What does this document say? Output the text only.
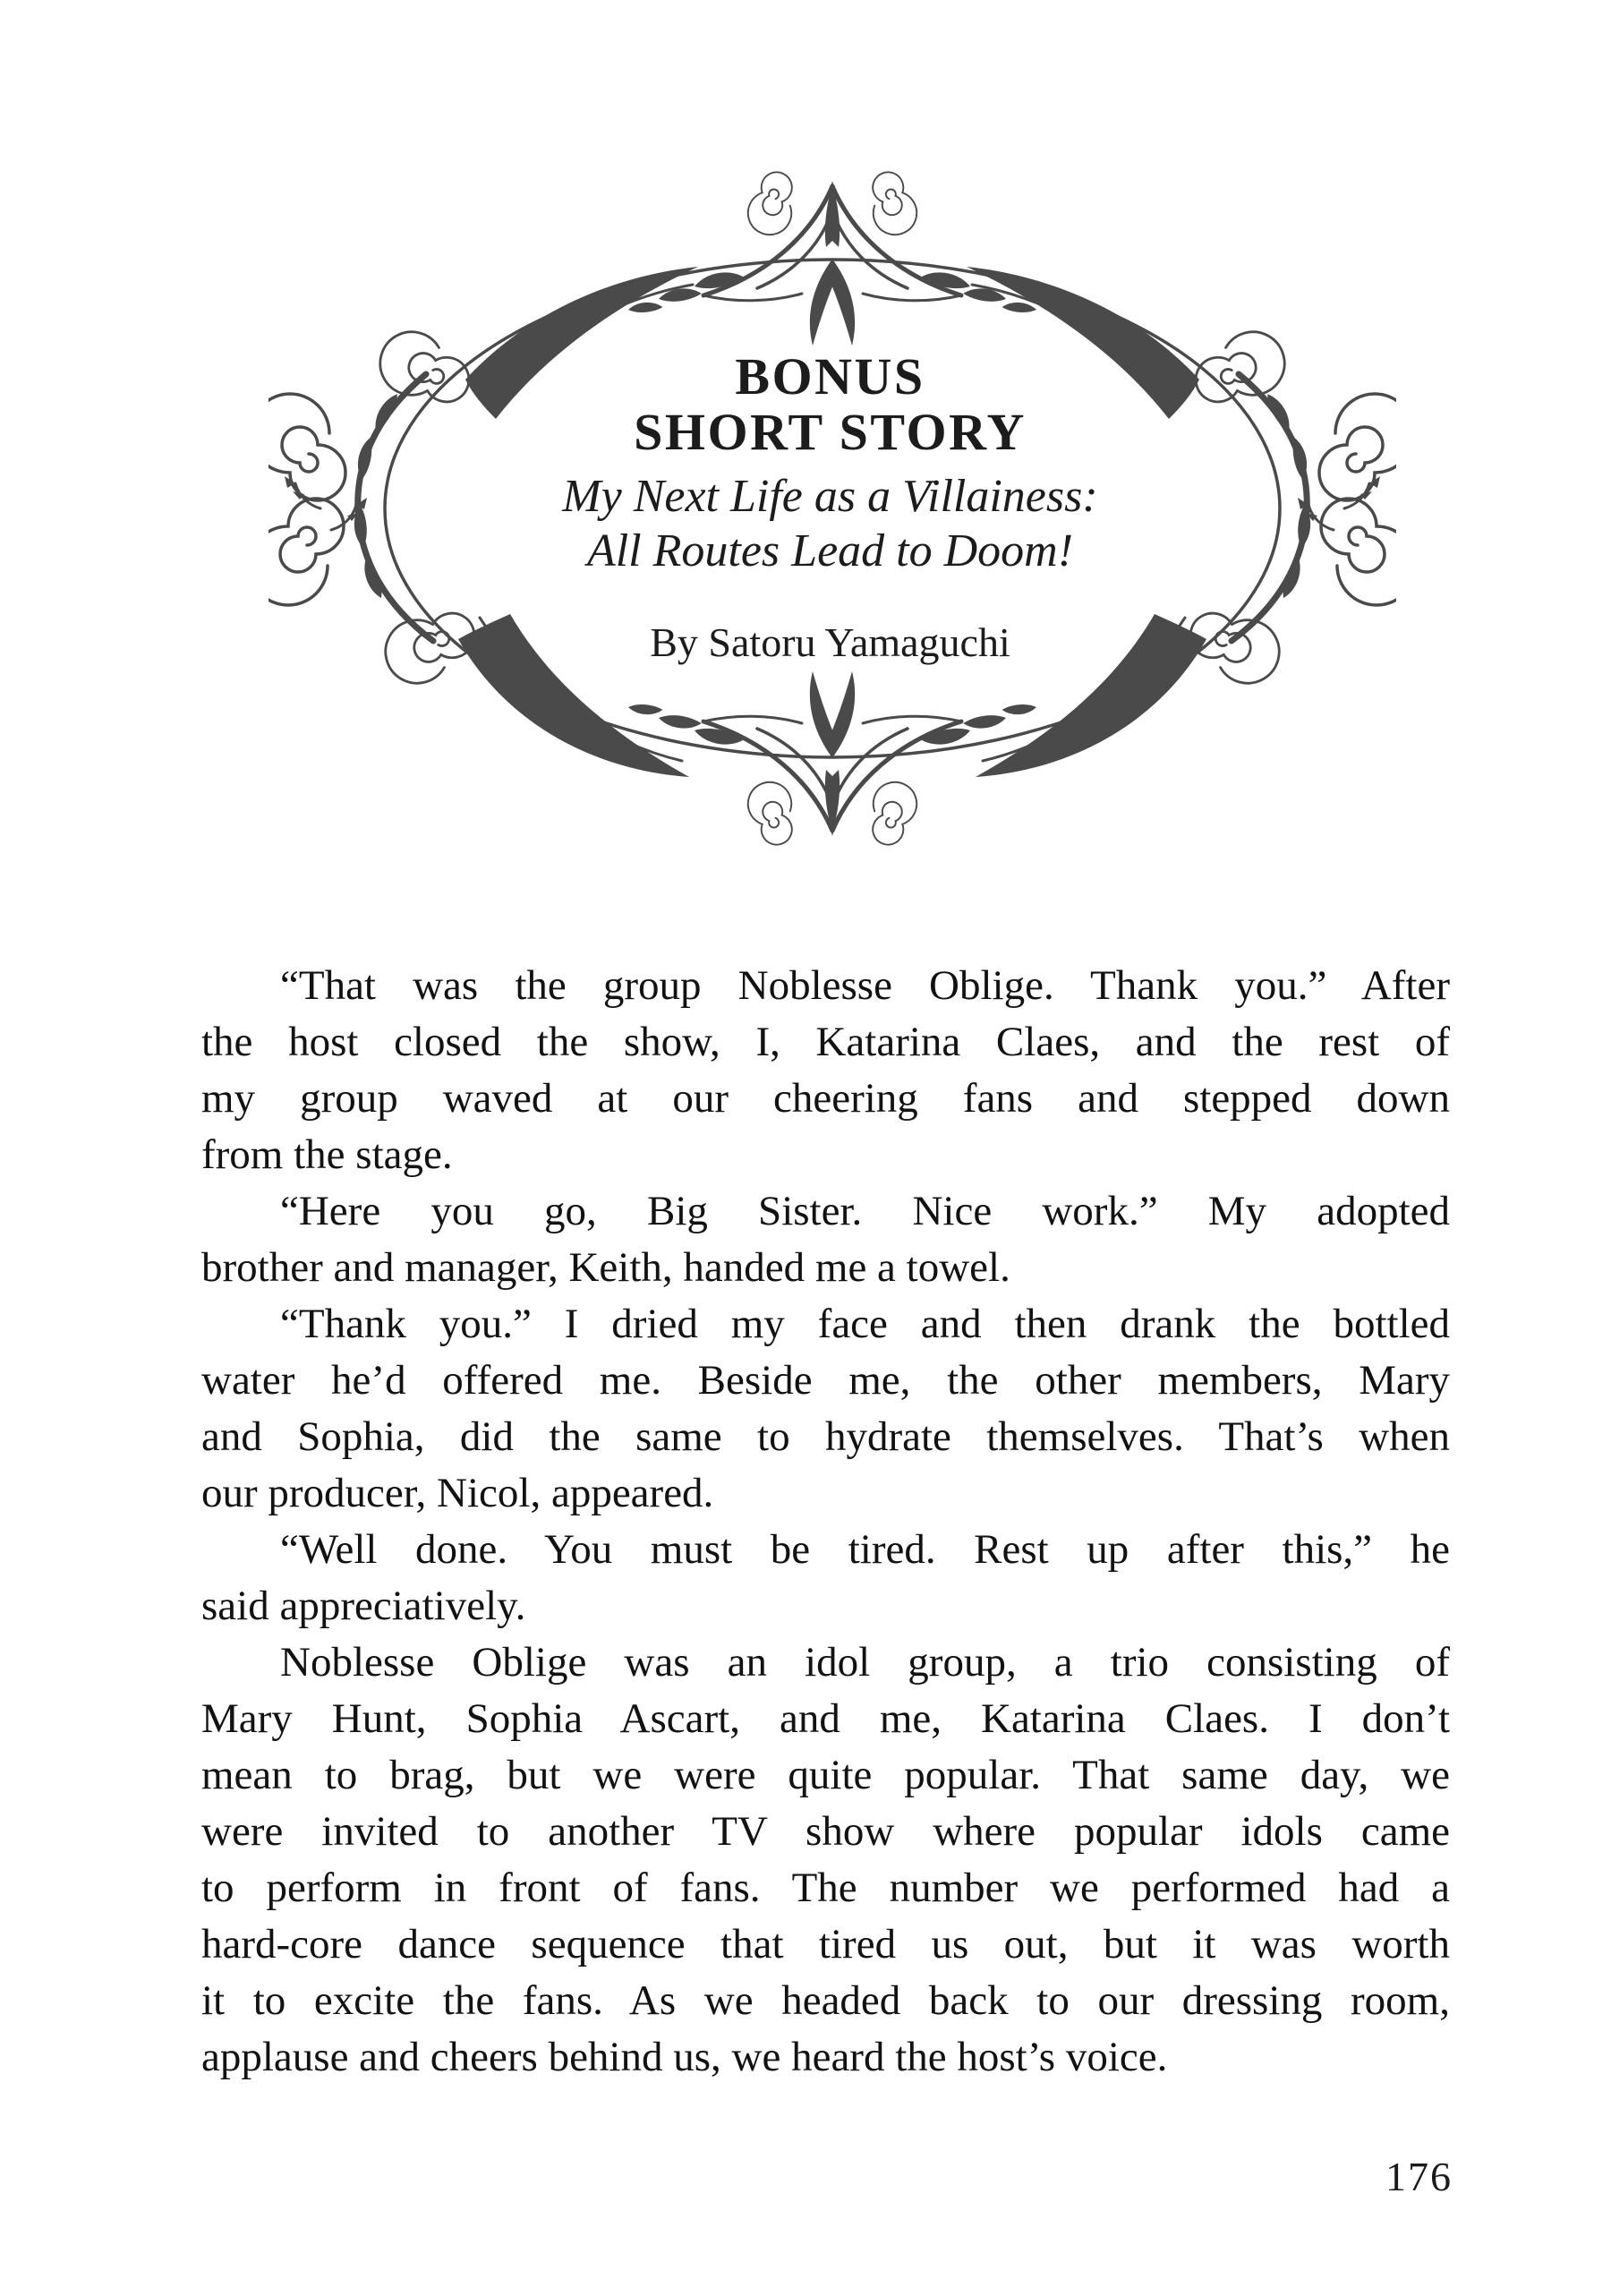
BONUS
SHORT STORY
My Next Life as a Villainess:
All Routes Lead to Doom!
By Satoru Yamaguchi
“That was the group Noblesse Oblige. Thank you.” After
the host closed the show, I, Katarina Claes, and the rest of
my group waved at our cheering fans and stepped down
from the stage.
“Here you go, Big Sister. Nice work.” My adopted
brother and manager, Keith, handed me a towel.
“Thank you.” I dried my face and then drank the bottled
water he’d offered me. Beside me, the other members, Mary
and Sophia, did the same to hydrate themselves. That’s when
our producer, Nicol, appeared.
“Well done. You must be tired. Rest up after this,” he
said appreciatively.
Noblesse Oblige was an idol group, a trio consisting of
Mary Hunt, Sophia Ascart, and me, Katarina Claes. I don’t
mean to brag, but we were quite popular. That same day, we
were invited to another TV show where popular idols came
to perform in front of fans. The number we performed had a
hard-core dance sequence that tired us out, but it was worth
it to excite the fans. As we headed back to our dressing room,
applause and cheers behind us, we heard the host’s voice.
176
